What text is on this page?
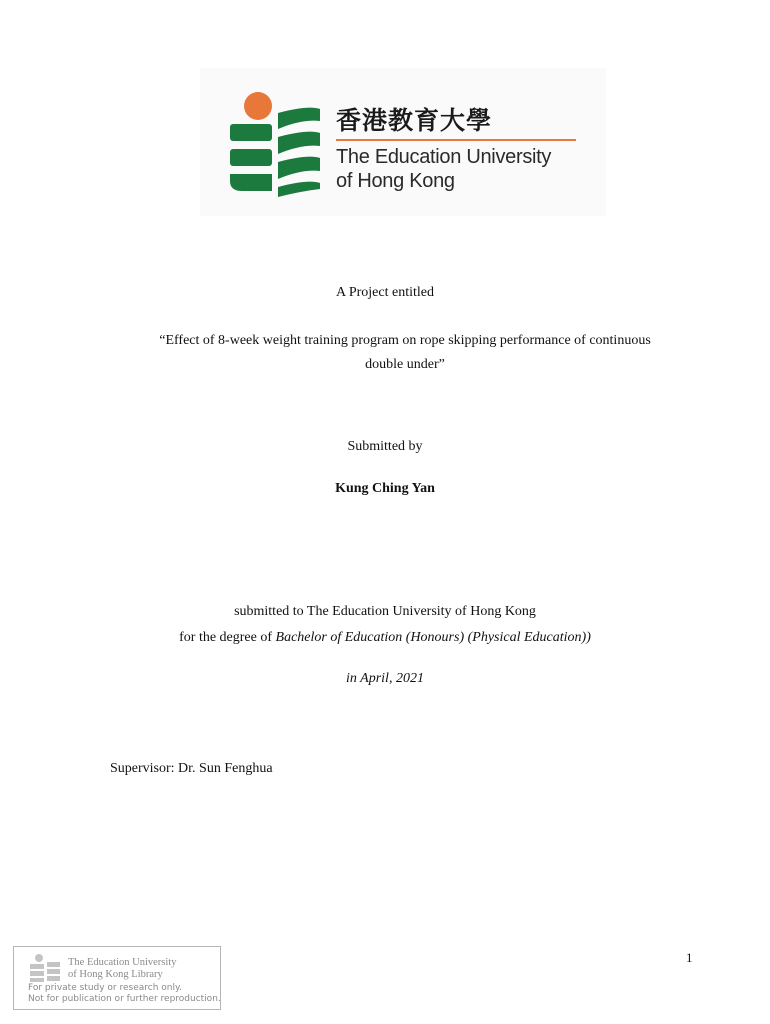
香港教育大學
The Education University
of Hong Kong
A Project entitled
“Effect of 8-week weight training program on rope skipping performance of continuous
double under”
Submitted by
Kung Ching Yan
submitted to The Education University of Hong Kong
for the degree of Bachelor of Education (Honours) (Physical Education))
in April, 2021
Supervisor: Dr. Sun Fenghua
1
The Education University
of Hong Kong Library
For private study or research only.
Not for publication or further reproduction.
